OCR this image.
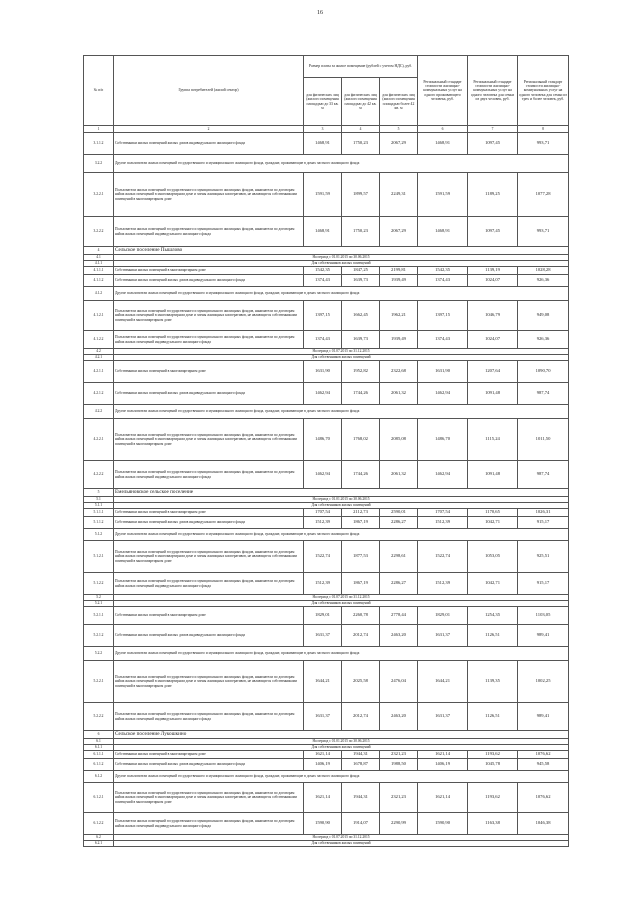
16
№ п/п	Группа потребителей (жилой сектор)	Размер платы за жилое помещение (рублей с учетом НДС), руб.			Региональный стандарт стоимости жилищно-коммунальных услуг на одного проживающего человека, руб.	Региональный стандарт стоимости жилищно-коммунальных услуг на одного человека для семьи из двух человек, руб.	Региональный стандарт стоимости жилищно-коммунальных услуг на одного человека для семьи из трех и более человек, руб.
		для физических лиц (жилого помещения площадью до 33 кв. м	для физических лиц (жилого помещения площадью до 42 кв. м	для физических лиц (жилого помещения площадью более 42 кв. м			
1	2	3	4	5	6	7	8
3.1.1.2	Собственники жилых помещений жилых домов индивидуального жилищного фонда	1468,91	1750,23	2067,29	1468,91	1097,45	993,71
3.2.2	Другие пользователи жилых помещений государственного и муниципального жилищного фонда, граждане, проживающие в домах частного жилищного фонда						
3.2.2.1	Пользователи жилых помещений государственного и муниципального жилищных фондов, наниматели по договорам найма жилых помещений в многоквартирном доме и члены жилищных кооперативов, не являющиеся собственниками помещений в многоквартирном доме	1591,59	1899,57	2249,31	1591,59	1189,25	1077,28
3.2.2.2	Пользователи жилых помещений государственного и муниципального жилищных фондов, наниматели по договорам найма жилых помещений индивидуального жилищного фонда	1468,91	1750,23	2067,29	1468,91	1097,45	993,71
4	Сельское поселение Пышлово						
4.1	На период с 01.01.2015 по 30.06.2015						
4.1.1	Для собственников жилых помещений						
4.1.1.1	Собственники жилых помещений в многоквартирном доме	1542,35	1847,25	2199,81	1542,35	1139,19	1028,28
4.1.1.2	Собственники жилых помещений жилых домов индивидуального жилищного фонда	1374,43	1639,73	1939,49	1374,43	1024,07	926,36
4.1.2	Другие пользователи жилых помещений государственного и муниципального жилищного фонда, граждане, проживающие в домах частного жилищного фонда						
4.1.2.1	Пользователи жилых помещений государственного и муниципального жилищных фондов, наниматели по договорам найма жилых помещений в многоквартирном доме и члены жилищных кооперативов, не являющиеся собственниками помещений в многоквартирном доме	1397,15	1662,45	1962,21	1397,15	1046,79	949,08
4.1.2.2	Пользователи жилых помещений государственного и муниципального жилищных фондов, наниматели по договорам найма жилых помещений индивидуального жилищного фонда	1374,43	1639,73	1939,49	1374,43	1024,07	926,36
4.2	На период с 01.07.2015 по 31.12.2015						
4.2.1	Для собственников жилых помещений						
4.2.1.1	Собственники жилых помещений в многоквартирном доме	1631,90	1952,82	2322,68	1631,90	1207,64	1090,70
4.2.1.2	Собственники жилых помещений жилых домов индивидуального жилищного фонда	1462,94	1744,26	2061,32	1462,94	1091,48	987,74
4.2.2	Другие пользователи жилых помещений государственного и муниципального жилищного фонда, граждане, проживающие в домах частного жилищного фонда						
4.2.2.1	Пользователи жилых помещений государственного и муниципального жилищных фондов, наниматели по договорам найма жилых помещений в многоквартирном доме и члены жилищных кооперативов, не являющиеся собственниками помещений в многоквартирном доме	1486,70	1768,02	2085,08	1486,70	1115,24	1011,50
4.2.2.2	Пользователи жилых помещений государственного и муниципального жилищных фондов, наниматели по договорам найма жилых помещений индивидуального жилищного фонда	1462,94	1744,26	2061,32	1462,94	1091,48	987,74
5	Емельяновское сельское поселение						
5.1	На период с 01.01.2015 по 30.06.2015						
5.1.1	Для собственников жилых помещений						
5.1.1.1	Собственники жилых помещений в многоквартирном доме	1707,54	2112,73	2590,01	1707,54	1170,65	1026,31
5.1.1.2	Собственники жилых помещений жилых домов индивидуального жилищного фонда	1512,39	1867,19	2286,27	1512,39	1042,71	915,17
5.1.2	Другие пользователи жилых помещений государственного и муниципального жилищного фонда, граждане, проживающие в домах частного жилищного фонда						
5.1.2.1	Пользователи жилых помещений государственного и муниципального жилищных фондов, наниматели по договорам найма жилых помещений в многоквартирном доме и члены жилищных кооперативов, не являющиеся собственниками помещений в многоквартирном доме	1522,74	1877,53	2298,61	1522,74	1053,05	925,51
5.1.2.2	Пользователи жилых помещений государственного и муниципального жилищных фондов, наниматели по договорам найма жилых помещений индивидуального жилищного фонда	1512,39	1867,19	2286,27	1512,39	1042,71	915,17
5.2	На период с 01.07.2015 по 31.12.2015						
5.2.1	Для собственников жилых помещений						
5.2.1.1	Собственники жилых помещений в многоквартирном доме	1829,01	2260,78	2778,44	1829,01	1254,35	1103,05
5.2.1.2	Собственники жилых помещений жилых домов индивидуального жилищного фонда	1631,37	2012,74	2463,20	1631,37	1126,51	989,41
5.2.2	Другие пользователи жилых помещений государственного и муниципального жилищного фонда, граждане, проживающие в домах частного жилищного фонда						
5.2.2.1	Пользователи жилых помещений государственного и муниципального жилищных фондов, наниматели по договорам найма жилых помещений в многоквартирном доме и члены жилищных кооперативов, не являющиеся собственниками помещений в многоквартирном доме	1644,21	2025,58	2476,04	1644,21	1139,35	1002,25
5.2.2.2	Пользователи жилых помещений государственного и муниципального жилищных фондов, наниматели по договорам найма жилых помещений индивидуального жилищного фонда	1631,37	2012,74	2463,20	1631,37	1126,51	989,41
6	Сельское поселение Лукошкино						
6.1	На период с 01.01.2015 по 30.06.2015						
6.1.1	Для собственников жилых помещений						
6.1.1.1	Собственники жилых помещений в многоквартирном доме	1621,14	1944,31	2321,23	1621,14	1193,62	1076,62
6.1.1.2	Собственники жилых помещений жилых домов индивидуального жилищного фонда	1406,19	1678,87	1988,50	1406,19	1045,78	945,58
6.1.2	Другие пользователи жилых помещений государственного и муниципального жилищного фонда, граждане, проживающие в домах частного жилищного фонда						
6.1.2.1	Пользователи жилых помещений государственного и муниципального жилищных фондов, наниматели по договорам найма жилых помещений в многоквартирном доме и члены жилищных кооперативов, не являющиеся собственниками помещений в многоквартирном доме	1621,14	1944,31	2321,23	1621,14	1193,62	1076,62
6.1.2.2	Пользователи жилых помещений государственного и муниципального жилищных фондов, наниматели по договорам найма жилых помещений индивидуального жилищного фонда	1590,90	1914,07	2290,99	1590,90	1163,38	1046,38
6.2	На период с 01.07.2015 по 31.12.2015						
6.2.1	Для собственников жилых помещений						
